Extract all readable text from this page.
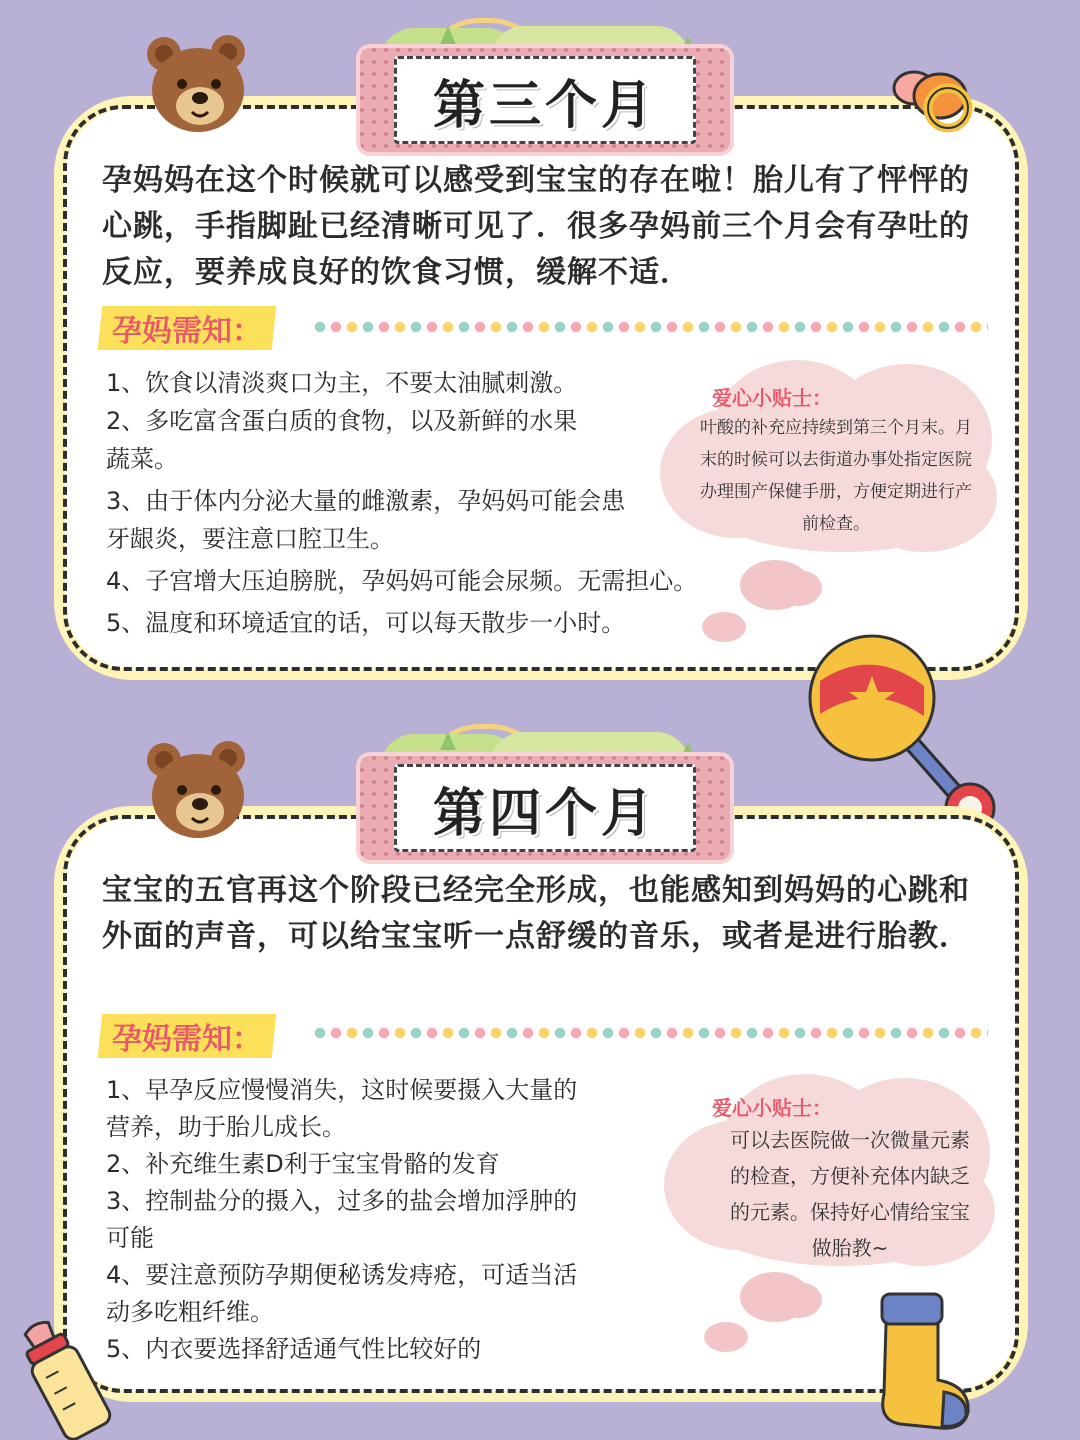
第三个月
孕妈妈在这个时候就可以感受到宝宝的存在啦！胎儿有了怦怦的心跳，手指脚趾已经清晰可见了．很多孕妈前三个月会有孕吐的反应，要养成良好的饮食习惯，缓解不适．
孕妈需知：
1、饮食以清淡爽口为主，不要太油腻刺激。
2、多吃富含蛋白质的食物，以及新鲜的水果
蔬菜。
3、由于体内分泌大量的雌激素，孕妈妈可能会患
牙龈炎，要注意口腔卫生。
4、子宫增大压迫膀胱，孕妈妈可能会尿频。无需担心。
5、温度和环境适宜的话，可以每天散步一小时。
爱心小贴士：
叶酸的补充应持续到第三个月末。月
末的时候可以去街道办事处指定医院
办理围产保健手册，方便定期进行产
前检查。
第四个月
宝宝的五官再这个阶段已经完全形成，也能感知到妈妈的心跳和外面的声音，可以给宝宝听一点舒缓的音乐，或者是进行胎教．
孕妈需知：
1、早孕反应慢慢消失，这时候要摄入大量的
营养，助于胎儿成长。
2、补充维生素D利于宝宝骨骼的发育
3、控制盐分的摄入，过多的盐会增加浮肿的
可能
4、要注意预防孕期便秘诱发痔疮，可适当活
动多吃粗纤维。
5、内衣要选择舒适通气性比较好的
爱心小贴士：
可以去医院做一次微量元素
的检查，方便补充体内缺乏
的元素。保持好心情给宝宝
做胎教~
